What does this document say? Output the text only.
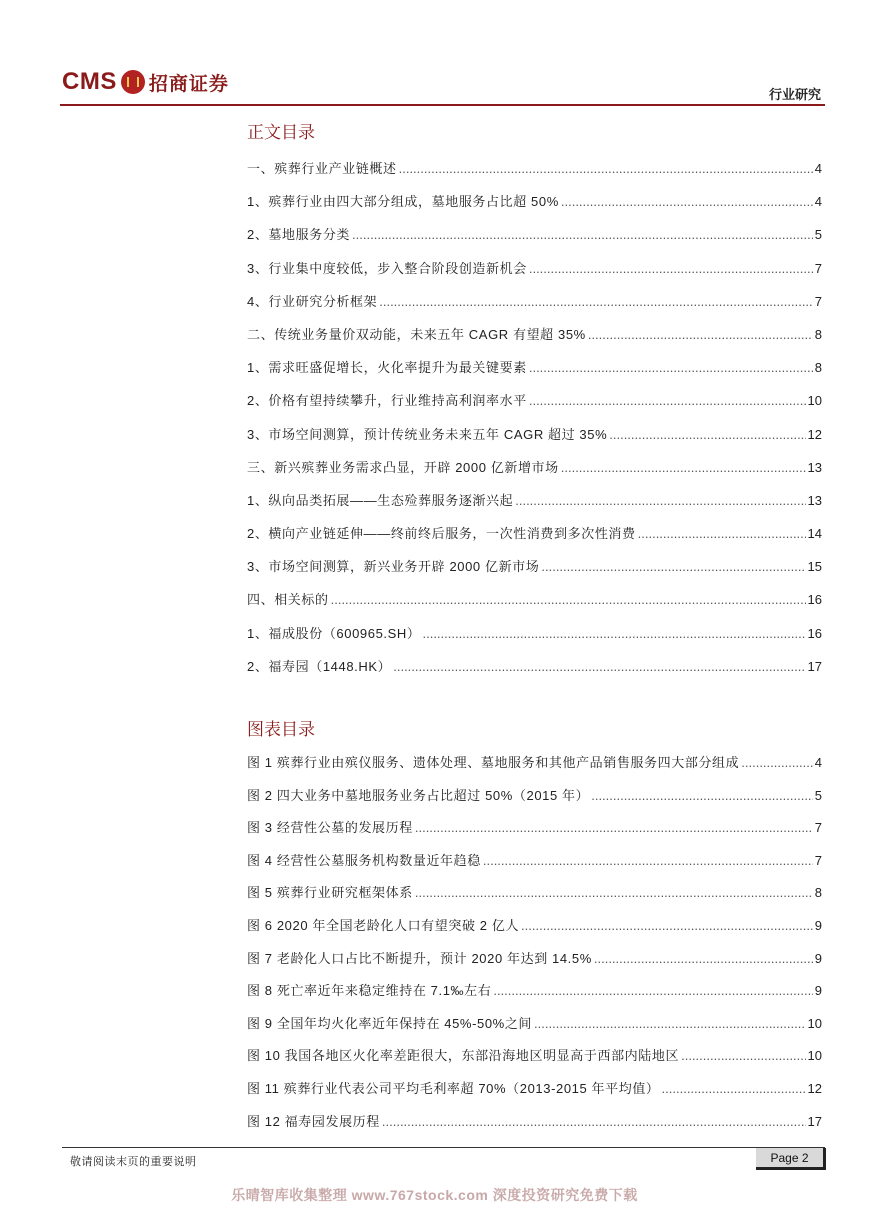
CMS 招商证券	行业研究
正文目录
一、殡葬行业产业链概述 .....	4
1、殡葬行业由四大部分组成，墓地服务占比超 50% .....	4
2、墓地服务分类 .....	5
3、行业集中度较低，步入整合阶段创造新机会 .....	7
4、行业研究分析框架 .....	7
二、传统业务量价双动能，未来五年 CAGR 有望超 35% .....	8
1、需求旺盛促增长，火化率提升为最关键要素 .....	8
2、价格有望持续攀升，行业维持高利润率水平 .....	10
3、市场空间测算，预计传统业务未来五年 CAGR 超过 35% .....	12
三、新兴殡葬业务需求凸显，开辟 2000 亿新增市场 .....	13
1、纵向品类拓展——生态殓葬服务逐渐兴起 .....	13
2、横向产业链延伸——终前终后服务，一次性消费到多次性消费 .....	14
3、市场空间测算，新兴业务开辟 2000 亿新市场 .....	15
四、相关标的 .....	16
1、福成股份（600965.SH） .....	16
2、福寿园（1448.HK） .....	17
图表目录
图 1 殡葬行业由殡仪服务、遗体处理、墓地服务和其他产品销售服务四大部分组成 .....	4
图 2 四大业务中墓地服务业务占比超过 50%（2015 年） .....	5
图 3 经营性公墓的发展历程 .....	7
图 4 经营性公墓服务机构数量近年趋稳 .....	7
图 5 殡葬行业研究框架体系 .....	8
图 6 2020 年全国老龄化人口有望突破 2 亿人 .....	9
图 7 老龄化人口占比不断提升，预计 2020 年达到 14.5% .....	9
图 8 死亡率近年来稳定维持在 7.1‰左右 .....	9
图 9 全国年均火化率近年保持在 45%-50%之间 .....	10
图 10 我国各地区火化率差距很大，东部沿海地区明显高于西部内陆地区 .....	10
图 11 殡葬行业代表公司平均毛利率超 70%（2013-2015 年平均值） .....	12
图 12 福寿园发展历程 .....	17
敬请阅读末页的重要说明	Page 2
乐晴智库收集整理 www.767stock.com 深度投资研究免费下载
